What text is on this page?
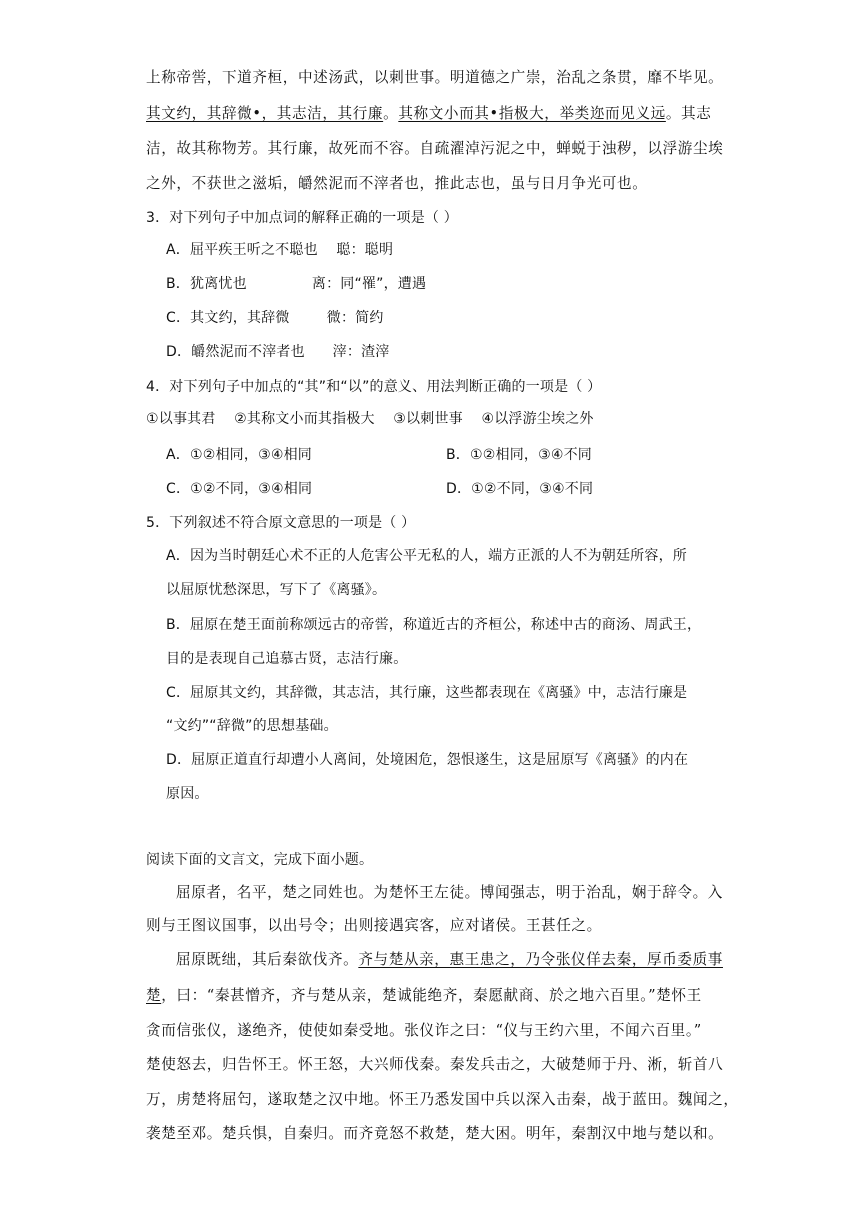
上称帝喾，下道齐桓，中述汤武，以刺世事。明道德之广崇，治乱之条贯，靡不毕见。
其文约，其辞微•，其志洁，其行廉。其称文小而其•指极大，举类迩而见义远。其志
洁，故其称物芳。其行廉，故死而不容。自疏濯淖污泥之中，蝉蜕于浊秽，以浮游尘埃
之外，不获世之滋垢，皭然泥而不滓者也，推此志也，虽与日月争光可也。
3．对下列句子中加点词的解释正确的一项是（ ）
A．屈平疾王听之不聪也    聪：聪明
B．犹离忧也              离：同“罹”，遭遇
C．其文约，其辞微        微：简约
D．皭然泥而不滓者也      滓：渣滓
4．对下列句子中加点的“其”和“以”的意义、用法判断正确的一项是（ ）
①以事其君    ②其称文小而其指极大    ③以刺世事    ④以浮游尘埃之外
A．①②相同，③④相同	B．①②相同，③④不同
C．①②不同，③④相同	D．①②不同，③④不同
5．下列叙述不符合原文意思的一项是（ ）
A．因为当时朝廷心术不正的人危害公平无私的人，端方正派的人不为朝廷所容，所
以屈原忧愁深思，写下了《离骚》。
B．屈原在楚王面前称颂远古的帝喾，称道近古的齐桓公，称述中古的商汤、周武王，
目的是表现自己追慕古贤，志洁行廉。
C．屈原其文约，其辞微，其志洁，其行廉，这些都表现在《离骚》中，志洁行廉是
“文约”“辞微”的思想基础。
D．屈原正道直行却遭小人离间，处境困危，怨恨遂生，这是屈原写《离骚》的内在
原因。
阅读下面的文言文，完成下面小题。
屈原者，名平，楚之同姓也。为楚怀王左徒。博闻强志，明于治乱，娴于辞令。入
则与王图议国事，以出号令；出则接遇宾客，应对诸侯。王甚任之。
屈原既绌，其后秦欲伐齐。齐与楚从亲，惠王患之，乃令张仪佯去秦，厚币委质事
楚，曰：“秦甚憎齐，齐与楚从亲，楚诚能绝齐，秦愿献商、於之地六百里。”楚怀王
贪而信张仪，遂绝齐，使使如秦受地。张仪诈之曰：“仪与王约六里，不闻六百里。”
楚使怒去，归告怀王。怀王怒，大兴师伐秦。秦发兵击之，大破楚师于丹、淅，斩首八
万，虏楚将屈匄，遂取楚之汉中地。怀王乃悉发国中兵以深入击秦，战于蓝田。魏闻之，
袭楚至邓。楚兵惧，自秦归。而齐竟怒不救楚，楚大困。明年，秦割汉中地与楚以和。
